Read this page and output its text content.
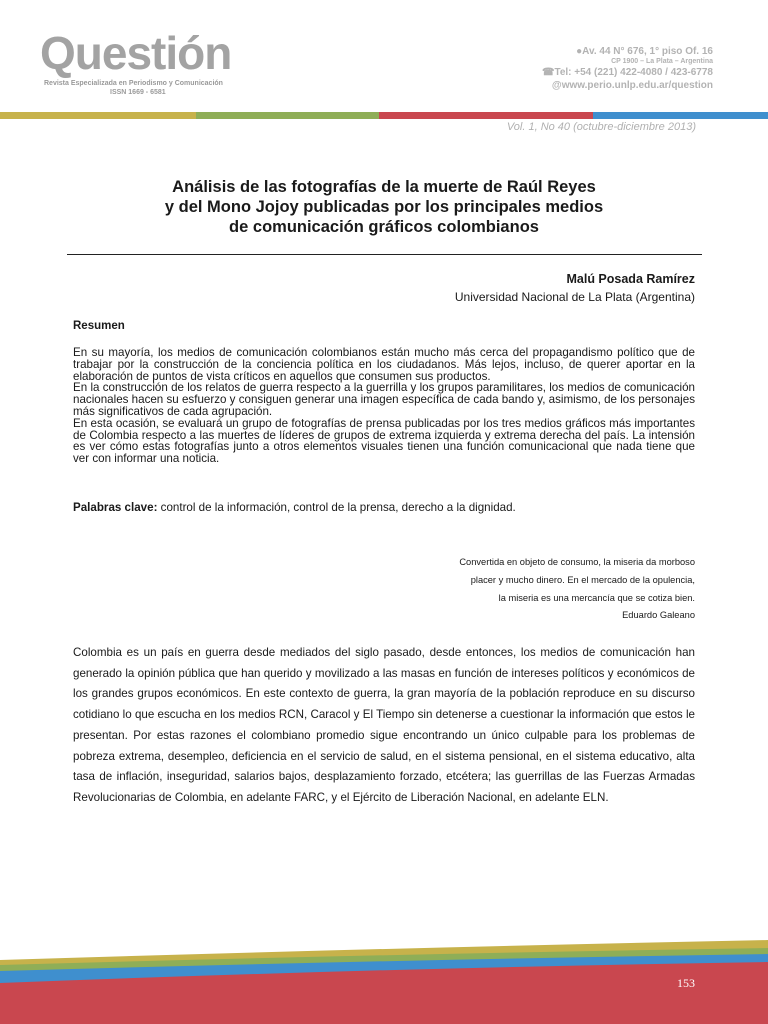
Questión
Revista Especializada en Periodismo y Comunicación
ISSN 1669 - 6581
●Av. 44 N° 676, 1° piso Of. 16
CP 1900 – La Plata – Argentina
☎Tel: +54 (221) 422-4080 / 423-6778
@www.perio.unlp.edu.ar/question
Vol. 1, No 40 (octubre-diciembre 2013)
Análisis de las fotografías de la muerte de Raúl Reyes
y del Mono Jojoy publicadas por los principales medios
de comunicación gráficos colombianos
Malú Posada Ramírez
Universidad Nacional de La Plata (Argentina)
Resumen

En su mayoría, los medios de comunicación colombianos están mucho más cerca del propagandismo político que de trabajar por la construcción de la conciencia política en los ciudadanos. Más lejos, incluso, de querer aportar en la elaboración de puntos de vista críticos en aquellos que consumen sus productos.

En la construcción de los relatos de guerra respecto a la guerrilla y los grupos paramilitares, los medios de comunicación nacionales hacen su esfuerzo y consiguen generar una imagen específica de cada bando y, asimismo, de los personajes más significativos de cada agrupación.

En esta ocasión, se evaluará un grupo de fotografías de prensa publicadas por los tres medios gráficos más importantes de Colombia respecto a las muertes de líderes de grupos de extrema izquierda y extrema derecha del país. La intensión es ver cómo estas fotografías junto a otros elementos visuales tienen una función comunicacional que nada tiene que ver con informar una noticia.

Palabras clave: control de la información, control de la prensa, derecho a la dignidad.
Convertida en objeto de consumo, la miseria da morboso
placer y mucho dinero. En el mercado de la opulencia,
la miseria es una mercancía que se cotiza bien.
Eduardo Galeano

Colombia es un país en guerra desde mediados del siglo pasado, desde entonces, los medios de comunicación han generado la opinión pública que han querido y movilizado a las masas en función de intereses políticos y económicos de los grandes grupos económicos. En este contexto de guerra, la gran mayoría de la población reproduce en su discurso cotidiano lo que escucha en los medios RCN, Caracol y El Tiempo sin detenerse a cuestionar la información que estos le presentan. Por estas razones el colombiano promedio sigue encontrando un único culpable para los problemas de pobreza extrema, desempleo, deficiencia en el servicio de salud, en el sistema pensional, en el sistema educativo, alta tasa de inflación, inseguridad, salarios bajos, desplazamiento forzado, etcétera; las guerrillas de las Fuerzas Armadas Revolucionarias de Colombia, en adelante FARC, y el Ejército de Liberación Nacional, en adelante ELN.

153
